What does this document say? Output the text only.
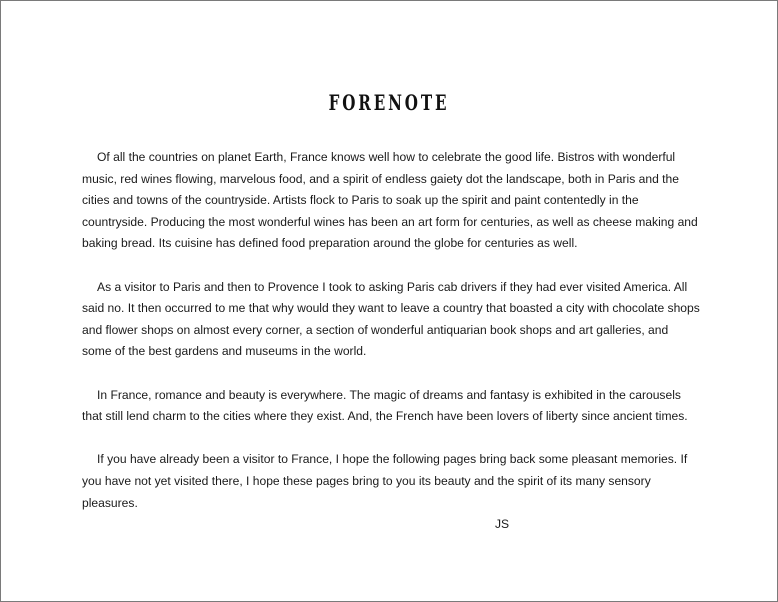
FORENOTE

Of all the countries on planet Earth, France knows well how to celebrate the good life. Bistros with wonderful music, red wines flowing, marvelous food, and a spirit of endless gaiety dot the landscape, both in Paris and the cities and towns of the countryside. Artists flock to Paris to soak up the spirit and paint contentedly in the countryside. Producing the most wonderful wines has been an art form for centuries, as well as cheese making and baking bread. Its cuisine has defined food preparation around the globe for centuries as well.

As a visitor to Paris and then to Provence I took to asking Paris cab drivers if they had ever visited America. All said no. It then occurred to me that why would they want to leave a country that boasted a city with chocolate shops and flower shops on almost every corner, a section of wonderful antiquarian book shops and art galleries, and some of the best gardens and museums in the world.

In France, romance and beauty is everywhere. The magic of dreams and fantasy is exhibited in the carousels that still lend charm to the cities where they exist. And, the French have been lovers of liberty since ancient times.

If you have already been a visitor to France, I hope the following pages bring back some pleasant memories. If you have not yet visited there, I hope these pages bring to you its beauty and the spirit of its many sensory pleasures.

JS
